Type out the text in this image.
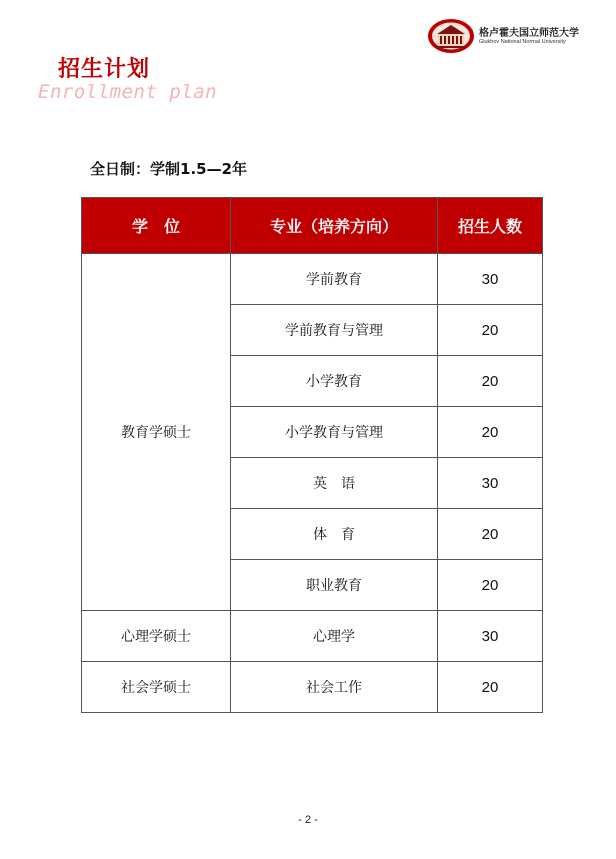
招生计划
Enrollment plan
格卢霍夫国立师范大学
Glukhov National Normal University
全日制：学制1.5—2年
学　位	专业（培养方向）	招生人数
教育学硕士	学前教育	30
	学前教育与管理	20
	小学教育	20
	小学教育与管理	20
	英　语	30
	体　育	20
	职业教育	20
心理学硕士	心理学	30
社会学硕士	社会工作	20
- 2 -
